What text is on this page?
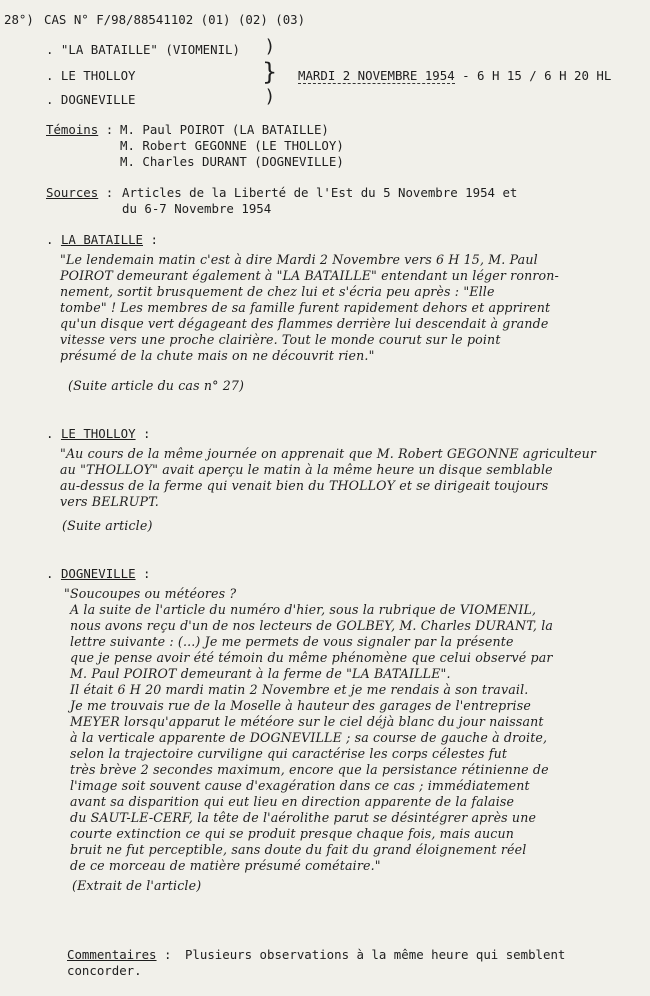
28°) CAS N° F/98/88541102 (01) (02) (03)
. "LA BATAILLE" (VIOMENIL)
. LE THOLLOY
. DOGNEVILLE
)
}
)
MARDI 2 NOVEMBRE 1954 - 6 H 15 / 6 H 20 HL
Témoins : M. Paul POIROT (LA BATAILLE)
M. Robert GEGONNE (LE THOLLOY)
M. Charles DURANT (DOGNEVILLE)
Sources : Articles de la Liberté de l'Est du 5 Novembre 1954 et
du 6-7 Novembre 1954
. LA BATAILLE :
"Le lendemain matin c'est à dire Mardi 2 Novembre vers 6 H 15, M. Paul
POIROT demeurant également à "LA BATAILLE" entendant un léger ronron-
nement, sortit brusquement de chez lui et s'écria peu après : "Elle
tombe" ! Les membres de sa famille furent rapidement dehors et apprirent
qu'un disque vert dégageant des flammes derrière lui descendait à grande
vitesse vers une proche clairière. Tout le monde courut sur le point
présumé de la chute mais on ne découvrit rien."
(Suite article du cas n° 27)
. LE THOLLOY :
"Au cours de la même journée on apprenait que M. Robert GEGONNE agriculteur
au "THOLLOY" avait aperçu le matin à la même heure un disque semblable
au-dessus de la ferme qui venait bien du THOLLOY et se dirigeait toujours
vers BELRUPT.
(Suite article)
. DOGNEVILLE :
"Soucoupes ou météores ?
A la suite de l'article du numéro d'hier, sous la rubrique de VIOMENIL,
nous avons reçu d'un de nos lecteurs de GOLBEY, M. Charles DURANT, la
lettre suivante : (...) Je me permets de vous signaler par la présente
que je pense avoir été témoin du même phénomène que celui observé par
M. Paul POIROT demeurant à la ferme de "LA BATAILLE".
Il était 6 H 20 mardi matin 2 Novembre et je me rendais à son travail.
Je me trouvais rue de la Moselle à hauteur des garages de l'entreprise
MEYER lorsqu'apparut le météore sur le ciel déjà blanc du jour naissant
à la verticale apparente de DOGNEVILLE ; sa course de gauche à droite,
selon la trajectoire curviligne qui caractérise les corps célestes fut
très brève 2 secondes maximum, encore que la persistance rétinienne de
l'image soit souvent cause d'exagération dans ce cas ; immédiatement
avant sa disparition qui eut lieu en direction apparente de la falaise
du SAUT-LE-CERF, la tête de l'aérolithe parut se désintégrer après une
courte extinction ce qui se produit presque chaque fois, mais aucun
bruit ne fut perceptible, sans doute du fait du grand éloignement réel
de ce morceau de matière présumé cométaire."
(Extrait de l'article)
Commentaires : Plusieurs observations à la même heure qui semblent
concorder.
